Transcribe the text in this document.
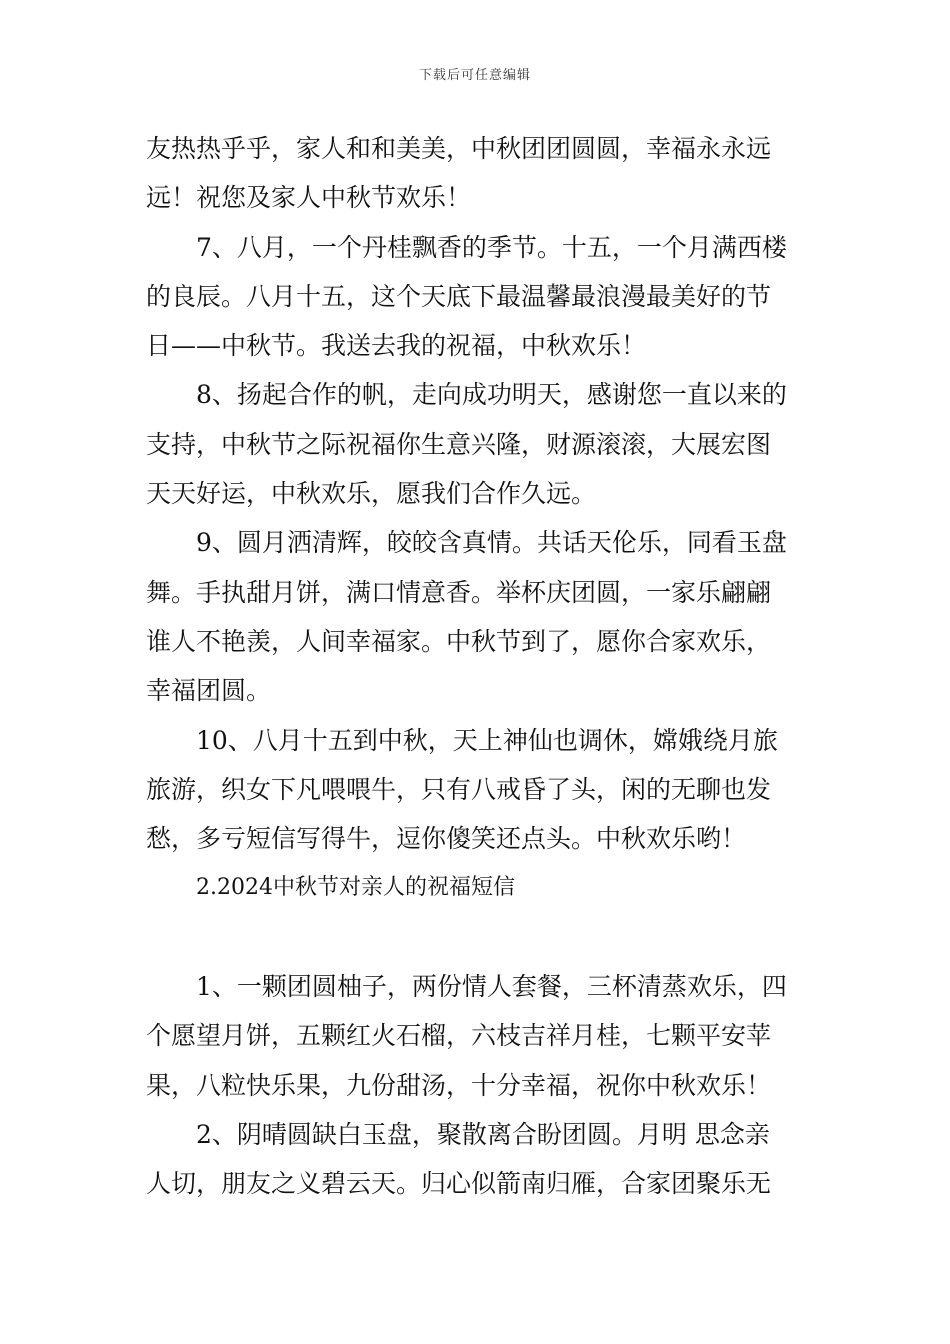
下载后可任意编辑
友热热乎乎，家人和和美美，中秋团团圆圆，幸福永永远
远！祝您及家人中秋节欢乐！
7、八月，一个丹桂飘香的季节。十五，一个月满西楼
的良辰。八月十五，这个天底下最温馨最浪漫最美好的节
日——中秋节。我送去我的祝福，中秋欢乐！
8、扬起合作的帆，走向成功明天，感谢您一直以来的
支持，中秋节之际祝福你生意兴隆，财源滚滚，大展宏图
天天好运，中秋欢乐，愿我们合作久远。
9、圆月洒清辉，皎皎含真情。共话天伦乐，同看玉盘
舞。手执甜月饼，满口情意香。举杯庆团圆，一家乐翩翩
谁人不艳羡，人间幸福家。中秋节到了，愿你合家欢乐，
幸福团圆。
10、八月十五到中秋，天上神仙也调休，嫦娥绕月旅
旅游，织女下凡喂喂牛，只有八戒昏了头，闲的无聊也发
愁，多亏短信写得牛，逗你傻笑还点头。中秋欢乐哟！
2.2024中秋节对亲人的祝福短信
1、一颗团圆柚子，两份情人套餐，三杯清蒸欢乐，四
个愿望月饼，五颗红火石榴，六枝吉祥月桂，七颗平安苹
果，八粒快乐果，九份甜汤，十分幸福，祝你中秋欢乐！
2、阴晴圆缺白玉盘，聚散离合盼团圆。月明 思念亲
人切，朋友之义碧云天。归心似箭南归雁，合家团聚乐无
